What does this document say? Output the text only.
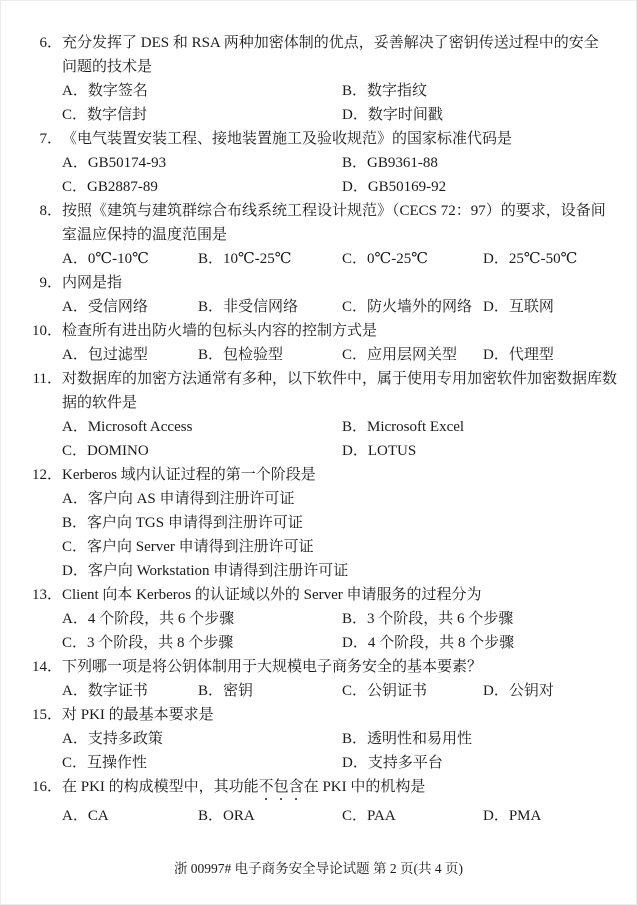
6． 充分发挥了 DES 和 RSA 两种加密体制的优点，妥善解决了密钥传送过程中的安全
问题的技术是
A．数字签名	B．数字指纹
C．数字信封	D．数字时间戳
7． 《电气装置安装工程、接地装置施工及验收规范》的国家标准代码是
A．GB50174-93	B．GB9361-88
C．GB2887-89	D．GB50169-92
8． 按照《建筑与建筑群综合布线系统工程设计规范》（CECS 72：97）的要求，设备间
室温应保持的温度范围是
A．0℃-10℃	B．10℃-25℃	C．0℃-25℃	D．25℃-50℃
9． 内网是指
A．受信网络	B．非受信网络	C．防火墙外的网络 D．互联网
10． 检查所有进出防火墙的包标头内容的控制方式是
A．包过滤型	B．包检验型	C．应用层网关型	D．代理型
11． 对数据库的加密方法通常有多种，以下软件中，属于使用专用加密软件加密数据库数
据的软件是
A．Microsoft Access	B．Microsoft Excel
C．DOMINO	D．LOTUS
12． Kerberos 域内认证过程的第一个阶段是
A．客户向 AS 申请得到注册许可证
B．客户向 TGS 申请得到注册许可证
C．客户向 Server 申请得到注册许可证
D．客户向 Workstation 申请得到注册许可证
13． Client 向本 Kerberos 的认证域以外的 Server 申请服务的过程分为
A．4 个阶段，共 6 个步骤	B．3 个阶段，共 6 个步骤
C．3 个阶段，共 8 个步骤	D．4 个阶段，共 8 个步骤
14． 下列哪一项是将公钥体制用于大规模电子商务安全的基本要素？
A．数字证书	B．密钥	C．公钥证书	D．公钥对
15． 对 PKI 的最基本要求是
A．支持多政策	B．透明性和易用性
C．互操作性	D．支持多平台
16． 在 PKI 的构成模型中，其功能不包含在 PKI 中的机构是
A．CA	B．ORA	C．PAA	D．PMA
浙 00997# 电子商务安全导论试题 第 2 页(共 4 页)
